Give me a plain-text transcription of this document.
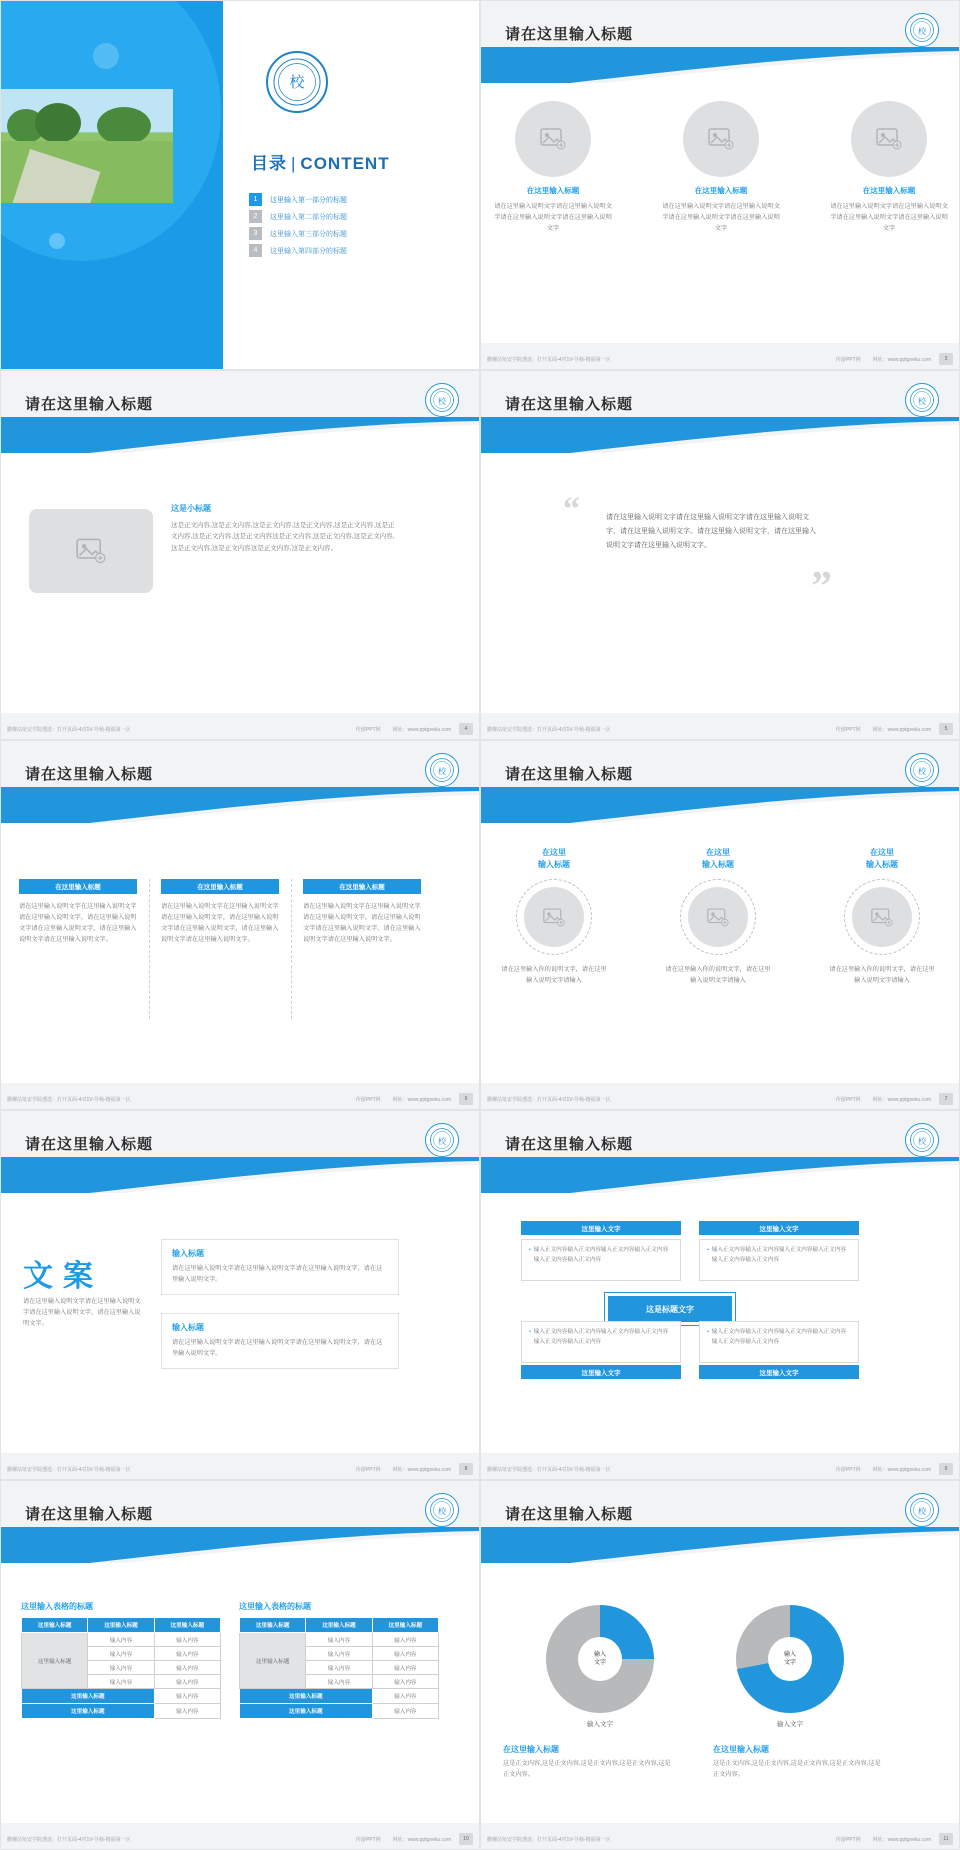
校
目录 | CONTENT
1	这里输入第一部分的标题
2	这里输入第二部分的标题
3	这里输入第三部分的标题
4	这里输入第四部分的标题
请在这里输入标题	校
在这里输入标题
请在这里输入说明文字请在这里输入说明文字请在这里输入说明文字请在这里输入说明文字
在这里输入标题
请在这里输入说明文字请在这里输入说明文字请在这里输入说明文字请在这里输入说明文字
在这里输入标题
请在这里输入说明文字请在这里输入说明文字请在这里输入说明文字请在这里输入说明文字
撒稞站址安学院透选：打开页面-4对1V-导杨-精福第一区	传游PPT网 网址：www.pptgeeku.com	3
请在这里输入标题	校
这是小标题
这是正文内容,这是正文内容,这是正文内容,这是正文内容,这是正文内容,这是正文内容,这是正文内容,这是正文内容这是正文内容,这是正文内容,这是正文内容,这是正文内容,这是正文内容这是正文内容,这是正文内容。
撒稞站址安学院透选：打开页面-4对1V-导杨-精福第一区	传游PPT网 网址：www.pptgeeku.com	4
请在这里输入标题	校
“	请在这里输入说明文字请在这里输入说明文字请在这里输入说明文字，请在这里输入说明文字。请在这里输入说明文字，请在这里输入说明文字请在这里输入说明文字。
”
撒稞站址安学院透选：打开页面-4对1V-导杨-精福第一区	传游PPT网 网址：www.pptgeeku.com	5
请在这里输入标题	校
在这里输入标题
请在这里输入说明文字在这里输入说明文字请在这里输入说明文字，请在这里输入说明文字请在这里输入说明文字，请在这里输入说明文字请在这里输入说明文字。
在这里输入标题
请在这里输入说明文字在这里输入说明文字请在这里输入说明文字，请在这里输入说明文字请在这里输入说明文字，请在这里输入说明文字请在这里输入说明文字。
在这里输入标题
请在这里输入说明文字在这里输入说明文字请在这里输入说明文字，请在这里输入说明文字请在这里输入说明文字，请在这里输入说明文字请在这里输入说明文字。
撒稞站址安学院透选：打开页面-4对1V-导杨-精福第一区	传游PPT网 网址：www.pptgeeku.com	6
请在这里输入标题	校
在这里
输入标题
请在这里输入你的说明文字，请在这里输入说明文字请输入
在这里
输入标题
请在这里输入你的说明文字，请在这里输入说明文字请输入
在这里
输入标题
请在这里输入你的说明文字，请在这里输入说明文字请输入
撒稞站址安学院透选：打开页面-4对1V-导杨-精福第一区	传游PPT网 网址：www.pptgeeku.com	7
请在这里输入标题	校
文案
请在这里输入说明文字请在这里输入说明文字请在这里输入说明文字，请在这里输入说明文字。
输入标题
请在这里输入说明文字请在这里输入说明文字请在这里输入说明文字，请在这里输入说明文字。
输入标题
请在这里输入说明文字请在这里输入说明文字请在这里输入说明文字，请在这里输入说明文字。
撒稞站址安学院透选：打开页面-4对1V-导杨-精福第一区	传游PPT网 网址：www.pptgeeku.com	8
请在这里输入标题	校
这里输入文字	这里输入文字
▪ 输入正文内容输入正文内容输入正文内容输入正文内容输入正文内容输入正文内容
▪ 输入正文内容输入正文内容输入正文内容输入正文内容输入正文内容输入正文内容
这是标题文字
▪ 输入正文内容输入正文内容输入正文内容输入正文内容输入正文内容输入正文内容
▪ 输入正文内容输入正文内容输入正文内容输入正文内容输入正文内容输入正文内容
这里输入文字	这里输入文字
撒稞站址安学院透选：打开页面-4对1V-导杨-精福第一区	传游PPT网 网址：www.pptgeeku.com	9
请在这里输入标题	校
这里输入表格的标题
这里输入标题	这里输入标题	这里输入标题
这里输入标题	输入内容	输入内容
	输入内容	输入内容
	输入内容	输入内容
	输入内容	输入内容
这里输入标题		输入内容
这里输入标题		输入内容
这里输入表格的标题
这里输入标题	这里输入标题	这里输入标题
这里输入标题	输入内容	输入内容
	输入内容	输入内容
	输入内容	输入内容
	输入内容	输入内容
这里输入标题		输入内容
这里输入标题		输入内容
撒稞站址安学院透选：打开页面-4对1V-导杨-精福第一区	传游PPT网 网址：www.pptgeeku.com	10
请在这里输入标题	校
输入
文字
输入文字
输入
文字
输入文字
在这里输入标题
这是正文内容,这是正文内容,这是正文内容,这是正文内容,这是正文内容。
在这里输入标题
这是正文内容,这是正文内容,这是正文内容,这是正文内容,这是正文内容。
撒稞站址安学院透选：打开页面-4对1V-导杨-精福第一区	传游PPT网 网址：www.pptgeeku.com	11
